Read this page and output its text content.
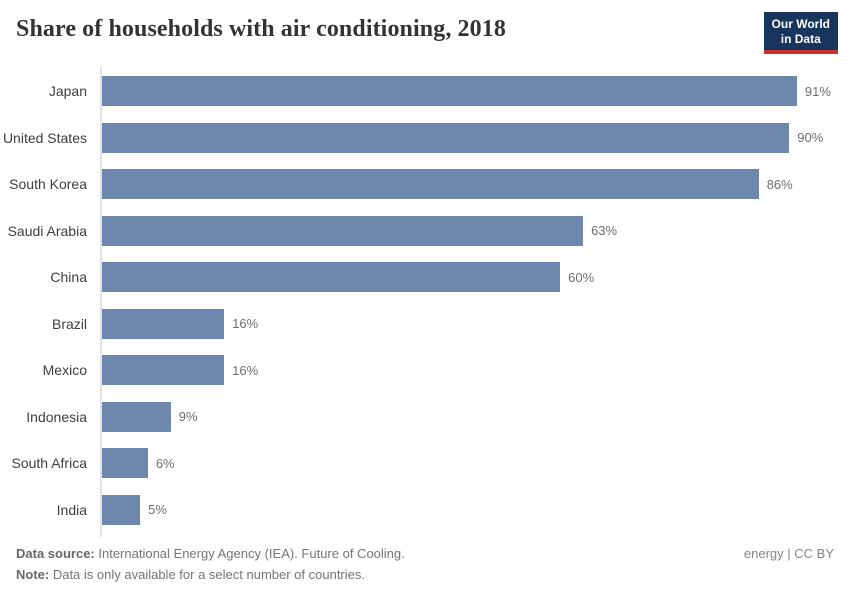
Share of households with air conditioning, 2018	Our World
in Data
Japan	91%
United States	90%
South Korea	86%
Saudi Arabia	63%
China	60%
Brazil	16%
Mexico	16%
Indonesia	9%
South Africa	6%
India	5%
Data source: International Energy Agency (IEA). Future of Cooling.	energy | CC BY
Note: Data is only available for a select number of countries.
